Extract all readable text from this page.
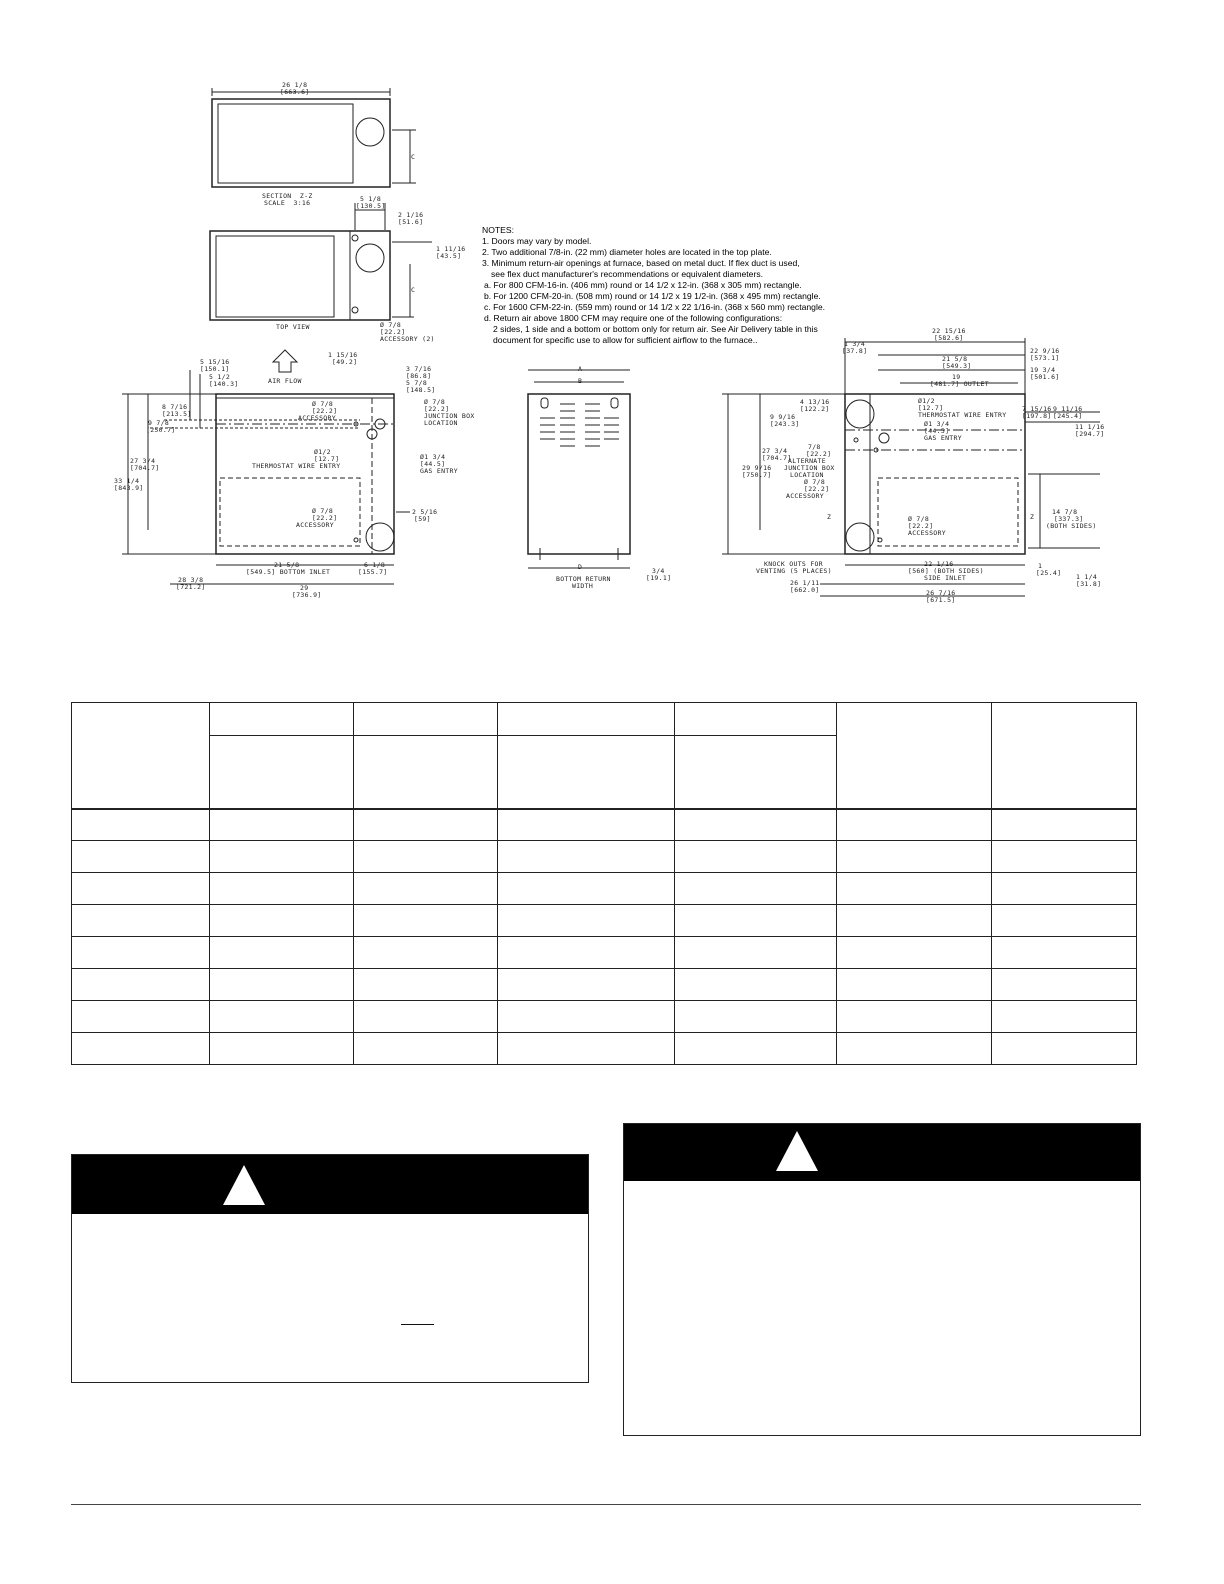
26 1/8
[663.6]
SECTION  Z-Z
SCALE  3:16
C
5 1/8
[130.5]
2 1/16
[51.6]
1 11/16
[43.5]
C
Ø 7/8
[22.2]
ACCESSORY (2)
TOP VIEW
AIR FLOW
5 15/16
[150.1]
5 1/2
[140.3]
1 15/16
[49.2]
3 7/16
[86.8]
5 7/8
[148.5]
8 7/16
[213.5]
9 7/8
[250.7]
27 3/4
[704.7]
33 1/4
[843.9]
Ø 7/8
[22.2]
ACCESSORY
Ø 7/8
[22.2]
JUNCTION BOX
LOCATION
Ø1/2
[12.7]
THERMOSTAT WIRE ENTRY
Ø1 3/4
[44.5]
GAS ENTRY
Ø 7/8
[22.2]
ACCESSORY
2 5/16
[59]
21 5/8
[549.5] BOTTOM INLET
6 1/8
[155.7]
28 3/8
[721.2]	29
[736.9]
A
B
D
BOTTOM RETURN
WIDTH
3/4
[19.1]
22 15/16
[582.6]
1 3/4
[37.8]	22 9/16
[573.1]
21 5/8
[549.3]	19 3/4
[501.6]
19
[481.7] OUTLET
4 13/16
[122.2]
Ø1/2
[12.7]
THERMOSTAT WIRE ENTRY
7 15/16
[197.8]
9 11/16
[245.4]
11 1/16
[294.7]
9 9/16
[243.3]	Ø1 3/4
[44.5]
GAS ENTRY
27 3/4
[704.7]
7/8
[22.2]
ALTERNATE
JUNCTION BOX
LOCATION
29 9/16
[750.7]
Ø 7/8
[22.2]
ACCESSORY
Z	Z
14 7/8
[337.3]
(BOTH SIDES)
Ø 7/8
[22.2]
ACCESSORY
KNOCK OUTS FOR
VENTING (5 PLACES)
22 1/16
[560] (BOTH SIDES)
SIDE INLET
1
[25.4] 1 1/4
[31.8]
26 1/11
[662.0]	26 7/16
[671.5]
NOTES:
1. Doors may vary by model.
2. Two additional 7/8-in. (22 mm) diameter holes are located in the top plate.
3. Minimum return-air openings at furnace, based on metal duct. If flex duct is used,
see flex duct manufacturer's recommendations or equivalent diameters.
a. For 800 CFM-16-in. (406 mm) round or 14 1/2 x 12-in. (368 x 305 mm) rectangle.
b. For 1200 CFM-20-in. (508 mm) round or 14 1/2 x 19 1/2-in. (368 x 495 mm) rectangle.
c. For 1600 CFM-22-in. (559 mm) round or 14 1/2 x 22 1/16-in. (368 x 560 mm) rectangle.
d. Return air above 1800 CFM may require one of the following configurations:
2 sides, 1 side and a bottom or bottom only for return air. See Air Delivery table in this
document for specific use to allow for sufficient airflow to the furnace..
